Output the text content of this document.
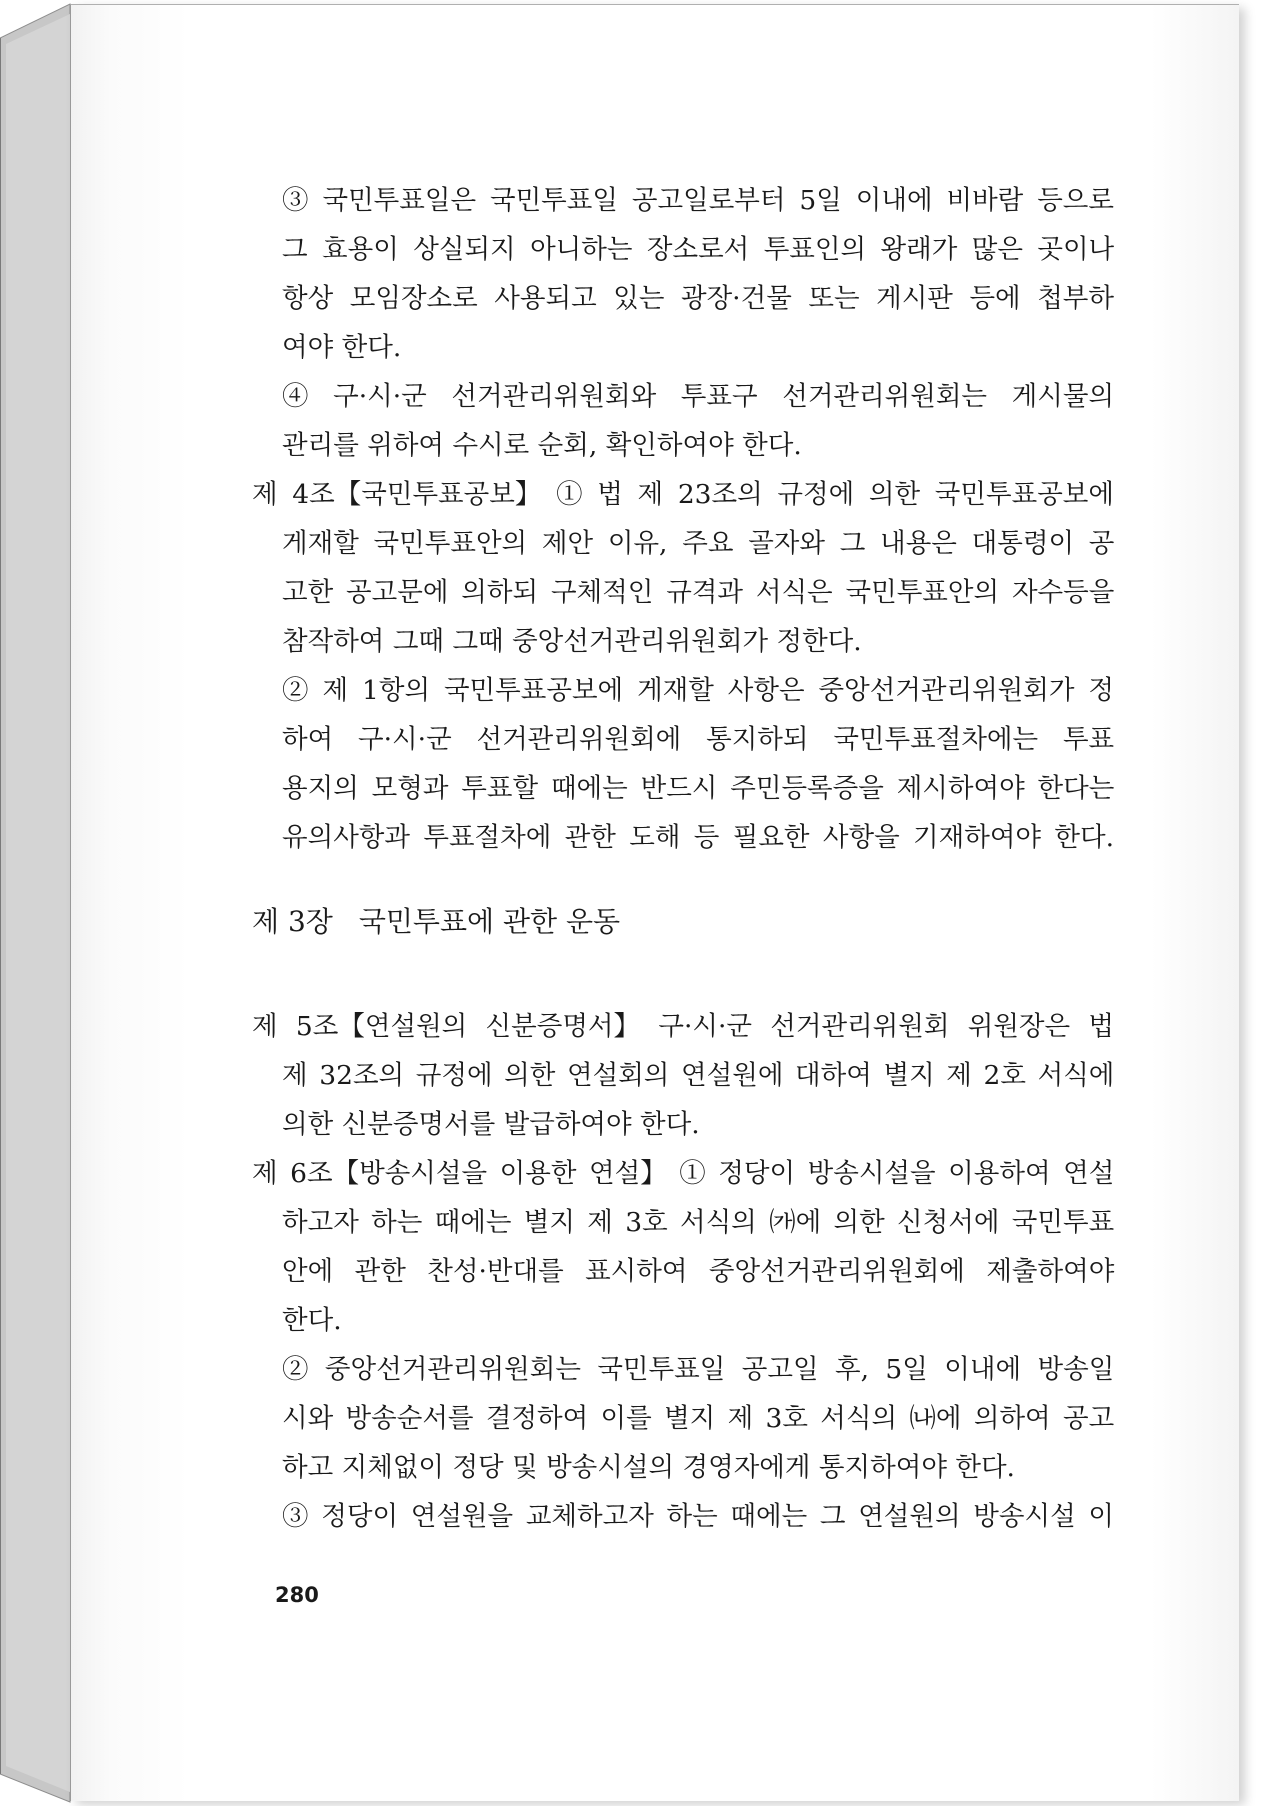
③ 국민투표일은 국민투표일 공고일로부터 5일 이내에 비바람 등으로
그 효용이 상실되지 아니하는 장소로서 투표인의 왕래가 많은 곳이나
항상 모임장소로 사용되고 있는 광장·건물 또는 게시판 등에 첩부하
여야 한다.
④ 구·시·군 선거관리위원회와 투표구 선거관리위원회는 게시물의
관리를 위하여 수시로 순회, 확인하여야 한다.
제 4조【국민투표공보】 ① 법 제 23조의 규정에 의한 국민투표공보에
게재할 국민투표안의 제안 이유, 주요 골자와 그 내용은 대통령이 공
고한 공고문에 의하되 구체적인 규격과 서식은 국민투표안의 자수등을
참작하여 그때 그때 중앙선거관리위원회가 정한다.
② 제 1항의 국민투표공보에 게재할 사항은 중앙선거관리위원회가 정
하여 구·시·군 선거관리위원회에 통지하되 국민투표절차에는 투표
용지의 모형과 투표할 때에는 반드시 주민등록증을 제시하여야 한다는
유의사항과 투표절차에 관한 도해 등 필요한 사항을 기재하여야 한다.
제 3장 국민투표에 관한 운동
제 5조【연설원의 신분증명서】 구·시·군 선거관리위원회 위원장은 법
제 32조의 규정에 의한 연설회의 연설원에 대하여 별지 제 2호 서식에
의한 신분증명서를 발급하여야 한다.
제 6조【방송시설을 이용한 연설】 ① 정당이 방송시설을 이용하여 연설
하고자 하는 때에는 별지 제 3호 서식의 ㈎에 의한 신청서에 국민투표
안에 관한 찬성·반대를 표시하여 중앙선거관리위원회에 제출하여야
한다.
② 중앙선거관리위원회는 국민투표일 공고일 후, 5일 이내에 방송일
시와 방송순서를 결정하여 이를 별지 제 3호 서식의 ㈏에 의하여 공고
하고 지체없이 정당 및 방송시설의 경영자에게 통지하여야 한다.
③ 정당이 연설원을 교체하고자 하는 때에는 그 연설원의 방송시설 이
280
